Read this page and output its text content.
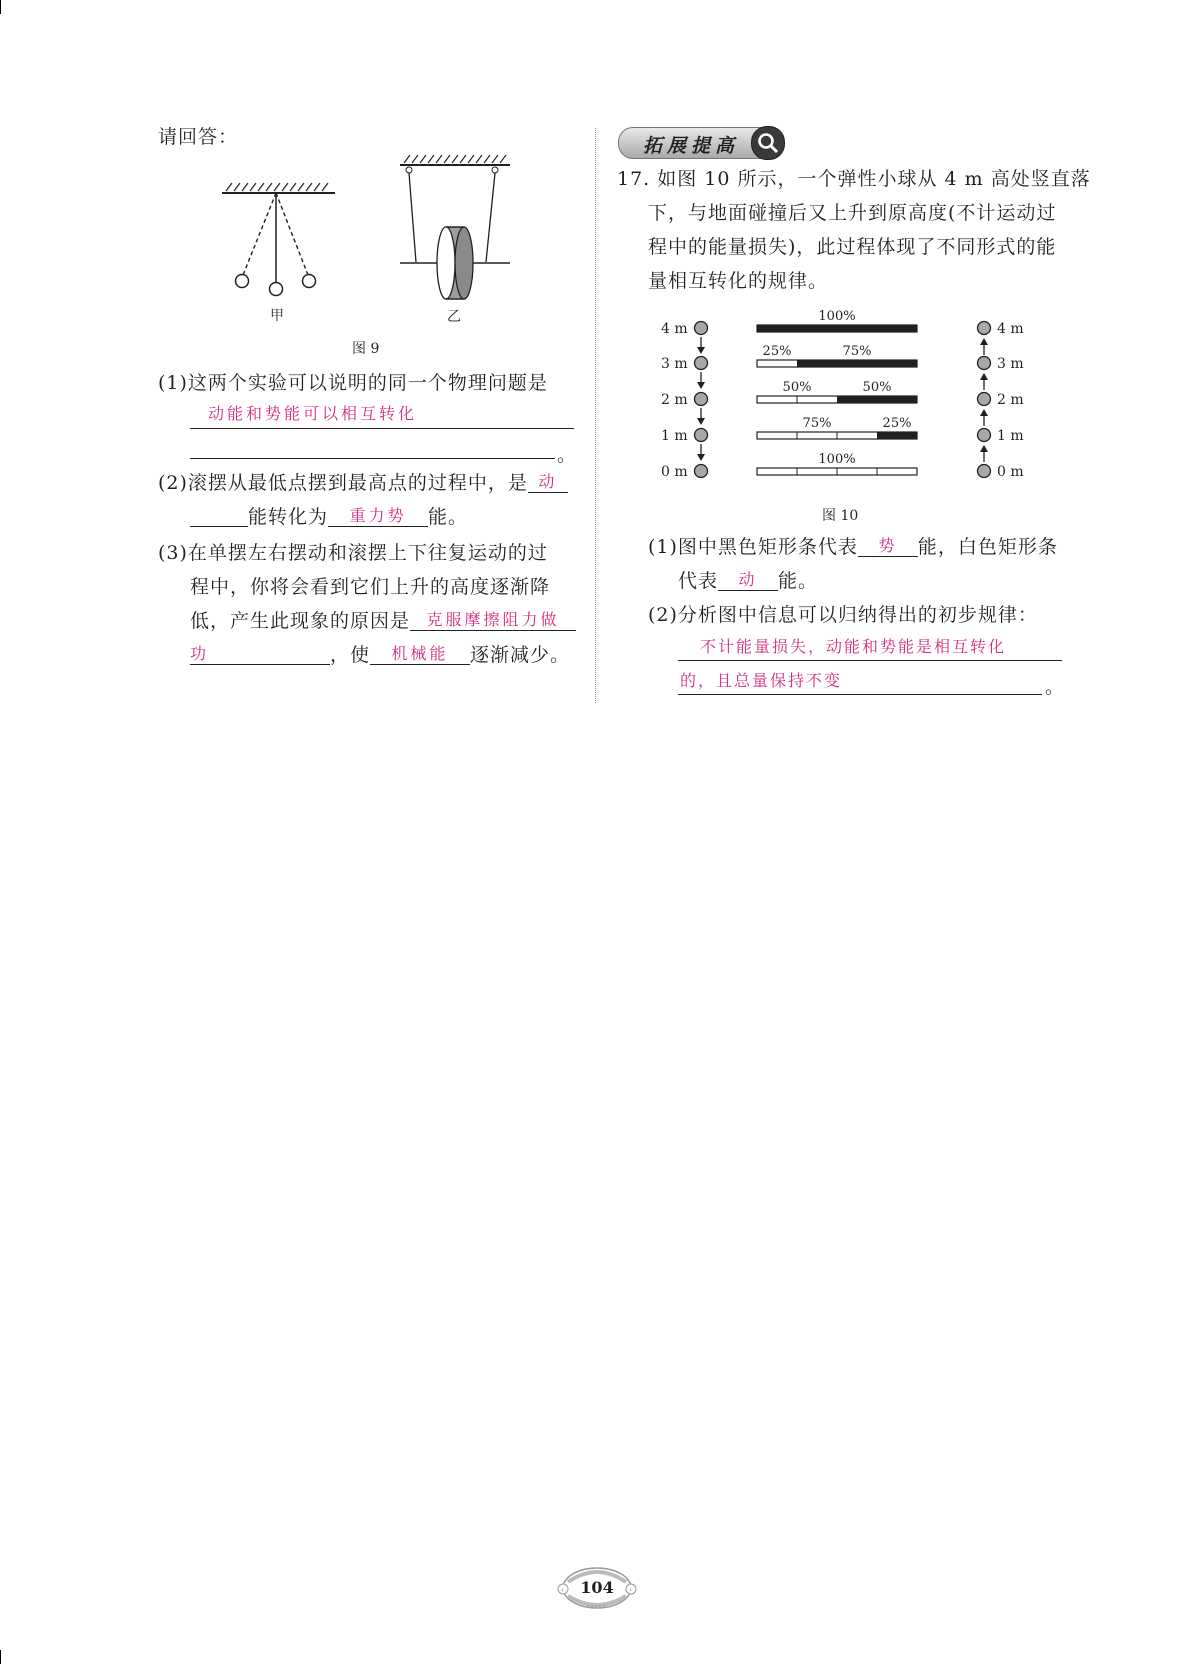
请回答：
甲	乙
图 9
(1)这两个实验可以说明的同一个物理问题是
动能和势能可以相互转化
。
(2)滚摆从最低点摆到最高点的过程中，是 $^动$
能转化为 $^{重力势}$ 能。
(3)在单摆左右摆动和滚摆上下往复运动的过
程中，你将会看到它们上升的高度逐渐降
低，产生此现象的原因是 $^{克服摩擦阻力做}$
$^功$	，使 $^{机械能}$ 逐渐减少。
拓展提高
17. 如图 10 所示，一个弹性小球从 4 m 高处竖直落
下，与地面碰撞后又上升到原高度(不计运动过
程中的能量损失)，此过程体现了不同形式的能
量相互转化的规律。
4 m	4 m
100%
3 m	3 m
25%	75%
2 m	2 m
50%	50%
1 m	1 m
75%	25%
0 m	0 m
100%
图 10
(1)图中黑色矩形条代表 $^势$ 能，白色矩形条
代表 $^动$ 能。
(2)分析图中信息可以归纳得出的初步规律：
不计能量损失，动能和势能是相互转化
的，且总量保持不变	。
‹	›
104
